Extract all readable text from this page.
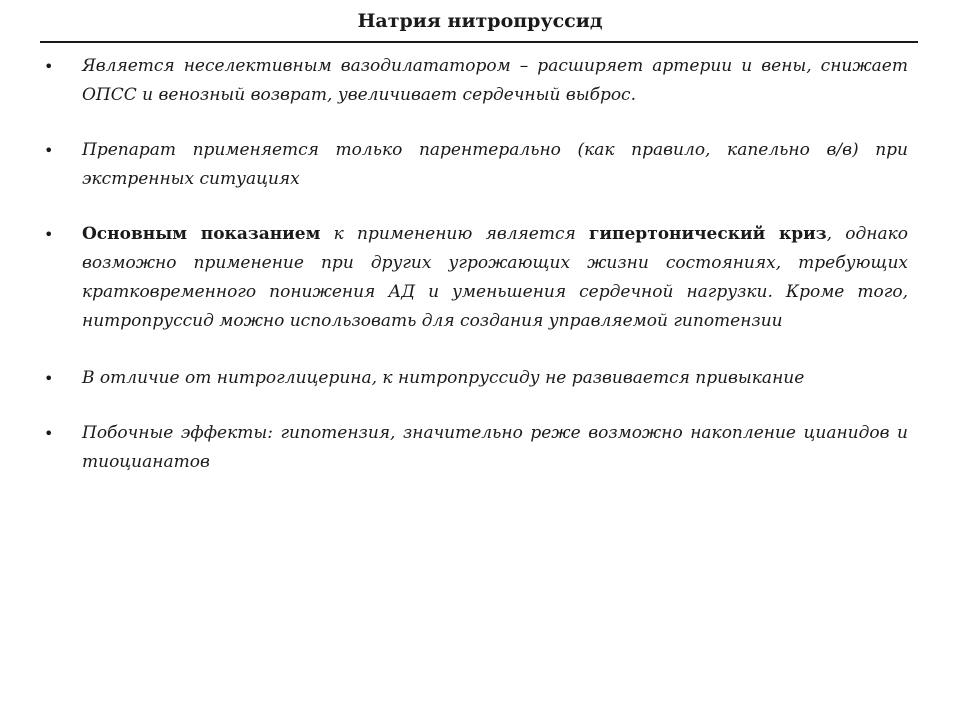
Натрия нитропруссид
• Является неселективным вазодилататором – расширяет артерии и вены, снижает ОПСС и венозный возврат, увеличивает сердечный выброс.
• Препарат применяется только парентерально (как правило, капельно в/в) при экстренных ситуациях
• Основным показанием к применению является гипертонический криз, однако возможно применение при других угрожающих жизни состояниях, требующих кратковременного понижения АД и уменьшения сердечной нагрузки. Кроме того, нитропруссид можно использовать для создания управляемой гипотензии
• В отличие от нитроглицерина, к нитропруссиду не развивается привыкание
• Побочные эффекты: гипотензия, значительно реже возможно накопление цианидов и тиоцианатов
